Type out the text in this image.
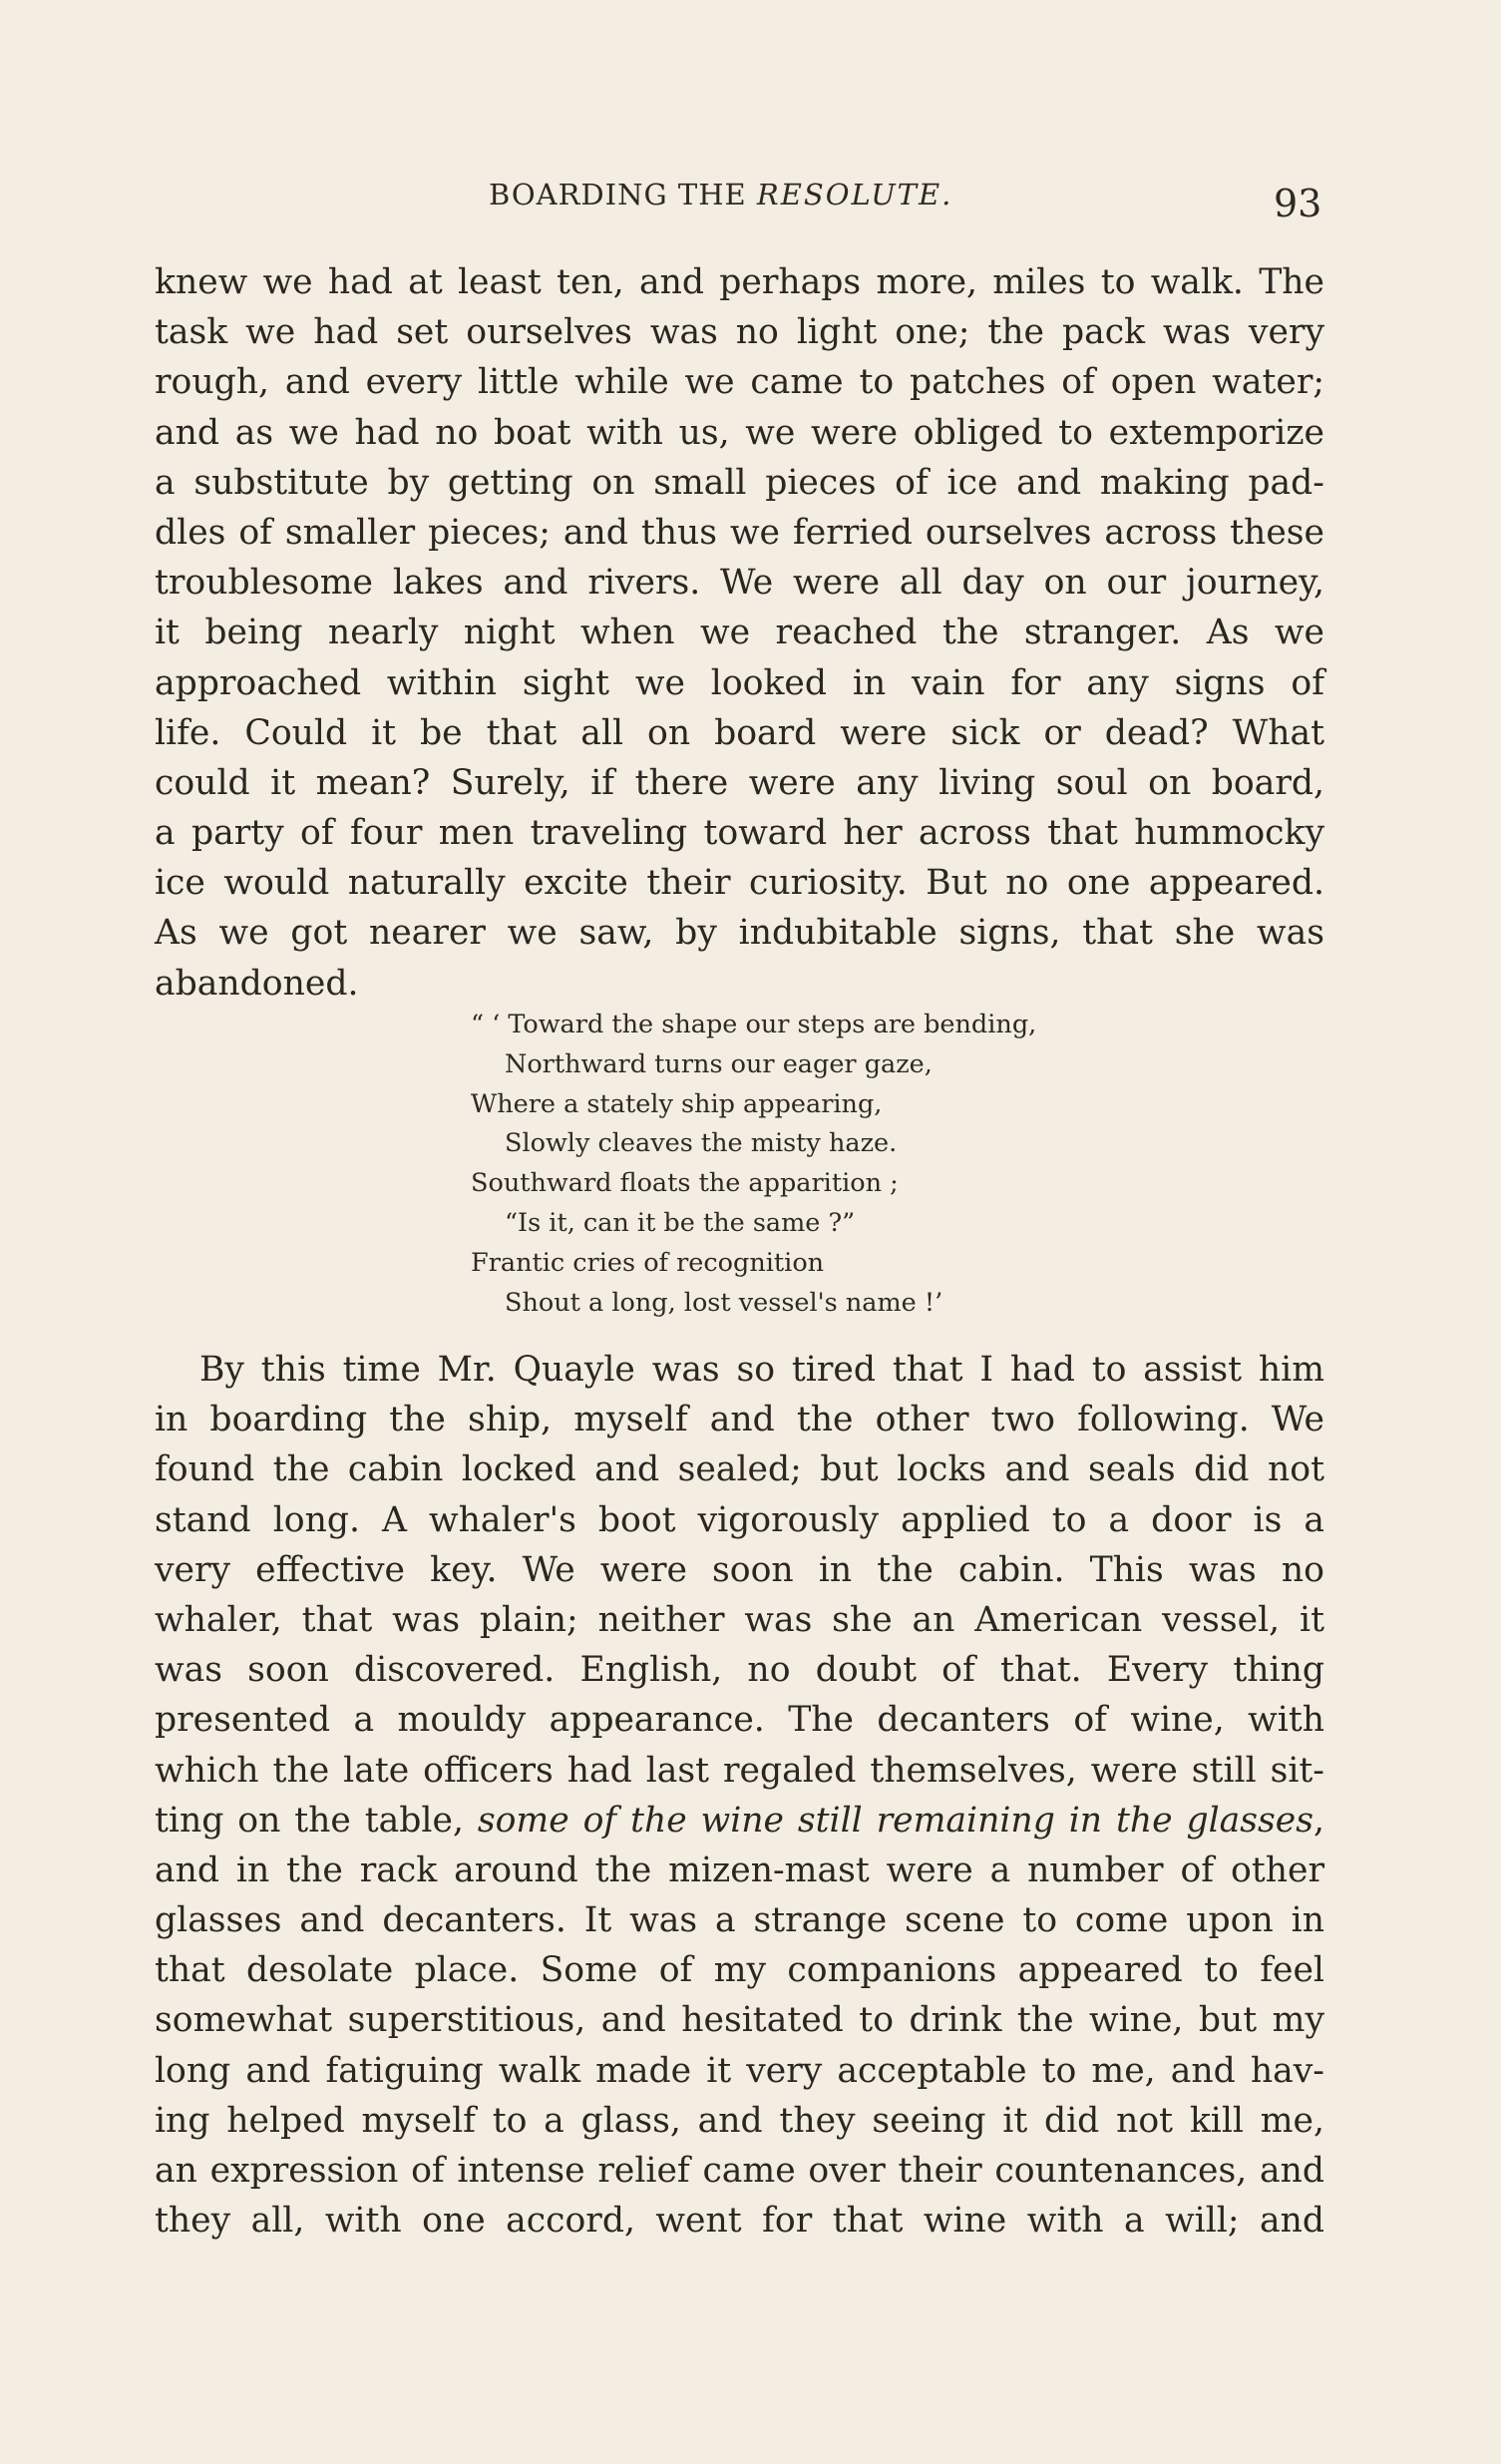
BOARDING THE RESOLUTE.	93
knew we had at least ten, and perhaps more, miles to walk. The
task we had set ourselves was no light one; the pack was very
rough, and every little while we came to patches of open water;
and as we had no boat with us, we were obliged to extemporize
a substitute by getting on small pieces of ice and making pad-
dles of smaller pieces; and thus we ferried ourselves across these
troublesome lakes and rivers. We were all day on our journey,
it being nearly night when we reached the stranger. As we
approached within sight we looked in vain for any signs of
life. Could it be that all on board were sick or dead? What
could it mean? Surely, if there were any living soul on board,
a party of four men traveling toward her across that hummocky
ice would naturally excite their curiosity. But no one appeared.
As we got nearer we saw, by indubitable signs, that she was
abandoned.
“ ‘ Toward the shape our steps are bending,
Northward turns our eager gaze,
Where a stately ship appearing,
Slowly cleaves the misty haze.
Southward floats the apparition ;
“Is it, can it be the same ?”
Frantic cries of recognition
Shout a long, lost vessel's name !’
By this time Mr. Quayle was so tired that I had to assist him
in boarding the ship, myself and the other two following. We
found the cabin locked and sealed; but locks and seals did not
stand long. A whaler's boot vigorously applied to a door is a
very effective key. We were soon in the cabin. This was no
whaler, that was plain; neither was she an American vessel, it
was soon discovered. English, no doubt of that. Every thing
presented a mouldy appearance. The decanters of wine, with
which the late officers had last regaled themselves, were still sit-
ting on the table, some of the wine still remaining in the glasses,
and in the rack around the mizen-mast were a number of other
glasses and decanters. It was a strange scene to come upon in
that desolate place. Some of my companions appeared to feel
somewhat superstitious, and hesitated to drink the wine, but my
long and fatiguing walk made it very acceptable to me, and hav-
ing helped myself to a glass, and they seeing it did not kill me,
an expression of intense relief came over their countenances, and
they all, with one accord, went for that wine with a will; and
